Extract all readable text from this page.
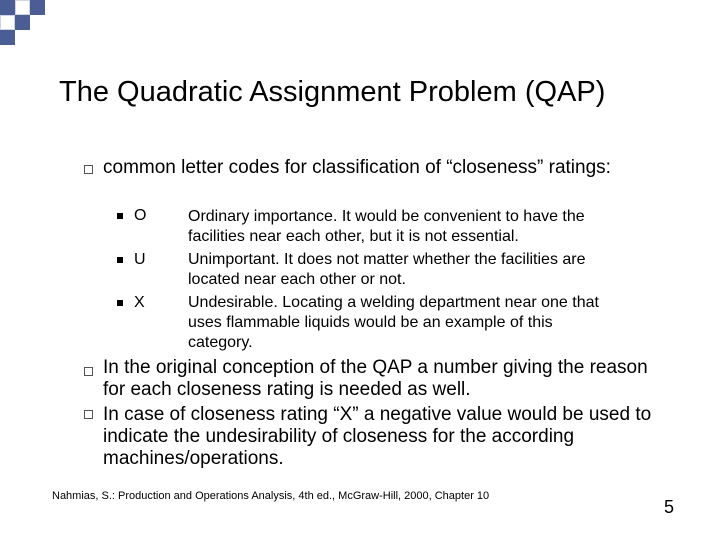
The Quadratic Assignment Problem (QAP)
common letter codes for classification of “closeness” ratings:
O	Ordinary importance. It would be convenient to have the
facilities near each other, but it is not essential.
U	Unimportant. It does not matter whether the facilities are
located near each other or not.
X	Undesirable. Locating a welding department near one that
uses flammable liquids would be an example of this
category.
In the original conception of the QAP a number giving the reason
for each closeness rating is needed as well.
In case of closeness rating “X” a negative value would be used to
indicate the undesirability of closeness for the according
machines/operations.
Nahmias, S.: Production and Operations Analysis, 4th ed., McGraw-Hill, 2000, Chapter 10
5
